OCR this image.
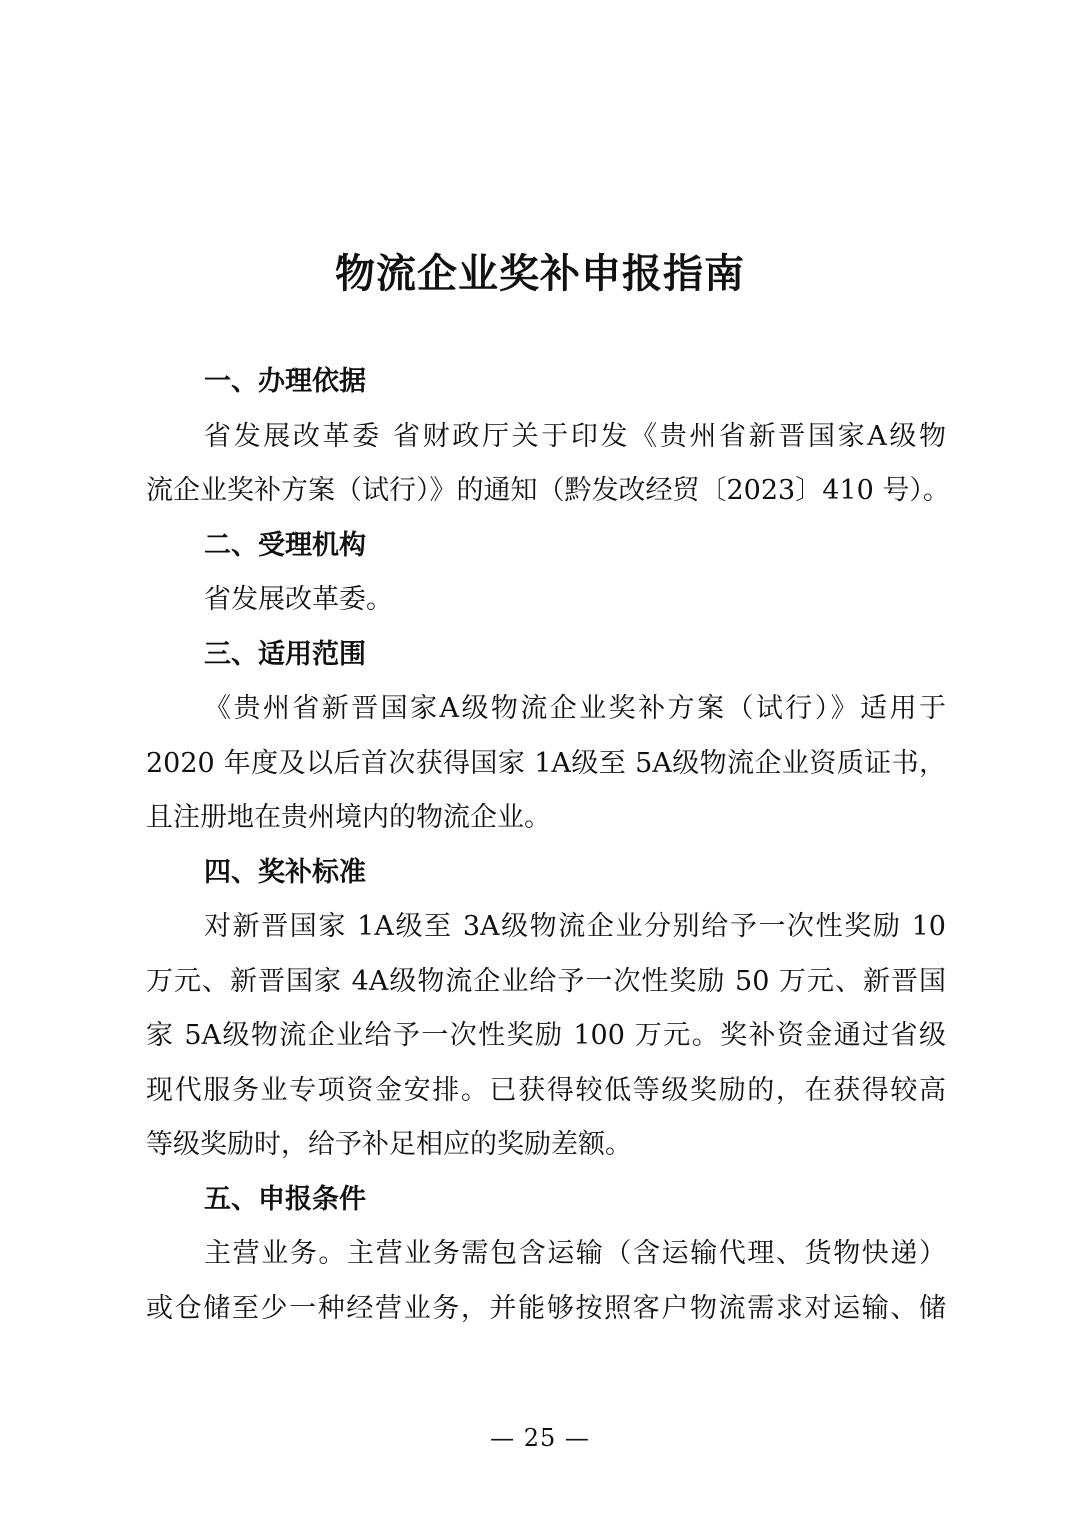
物流企业奖补申报指南
一、办理依据
省发展改革委 省财政厅关于印发《贵州省新晋国家A级物
流企业奖补方案（试行）》的通知（黔发改经贸〔2023〕410 号）。
二、受理机构
省发展改革委。
三、适用范围
《贵州省新晋国家A级物流企业奖补方案（试行）》适用于
2020 年度及以后首次获得国家 1A级至 5A级物流企业资质证书，
且注册地在贵州境内的物流企业。
四、奖补标准
对新晋国家 1A级至 3A级物流企业分别给予一次性奖励 10
万元、新晋国家 4A级物流企业给予一次性奖励 50 万元、新晋国
家 5A级物流企业给予一次性奖励 100 万元。奖补资金通过省级
现代服务业专项资金安排。已获得较低等级奖励的，在获得较高
等级奖励时，给予补足相应的奖励差额。
五、申报条件
主营业务。主营业务需包含运输（含运输代理、货物快递）
或仓储至少一种经营业务，并能够按照客户物流需求对运输、储
— 25 —
